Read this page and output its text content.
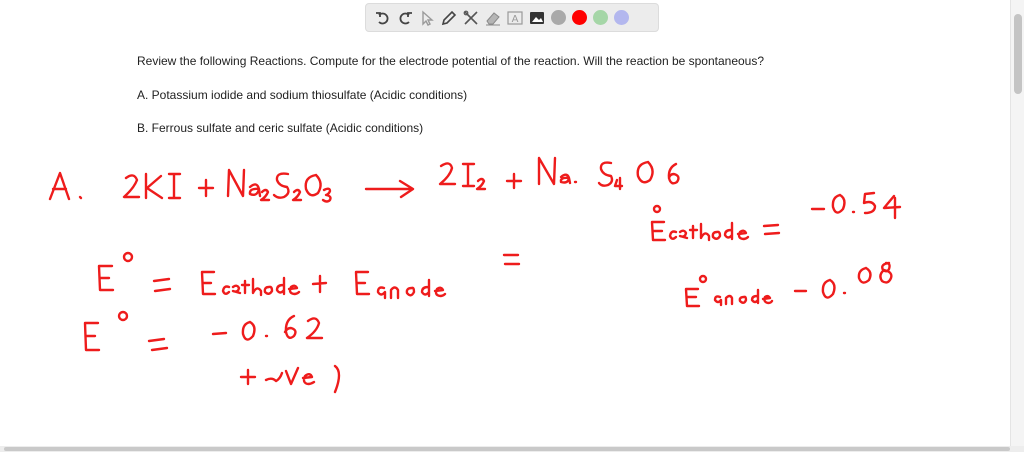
A

Review the following Reactions. Compute for the electrode potential of the reaction. Will the reaction be spontaneous?

A. Potassium iodide and sodium thiosulfate (Acidic conditions)

B. Ferrous sulfate and ceric sulfate (Acidic conditions)
